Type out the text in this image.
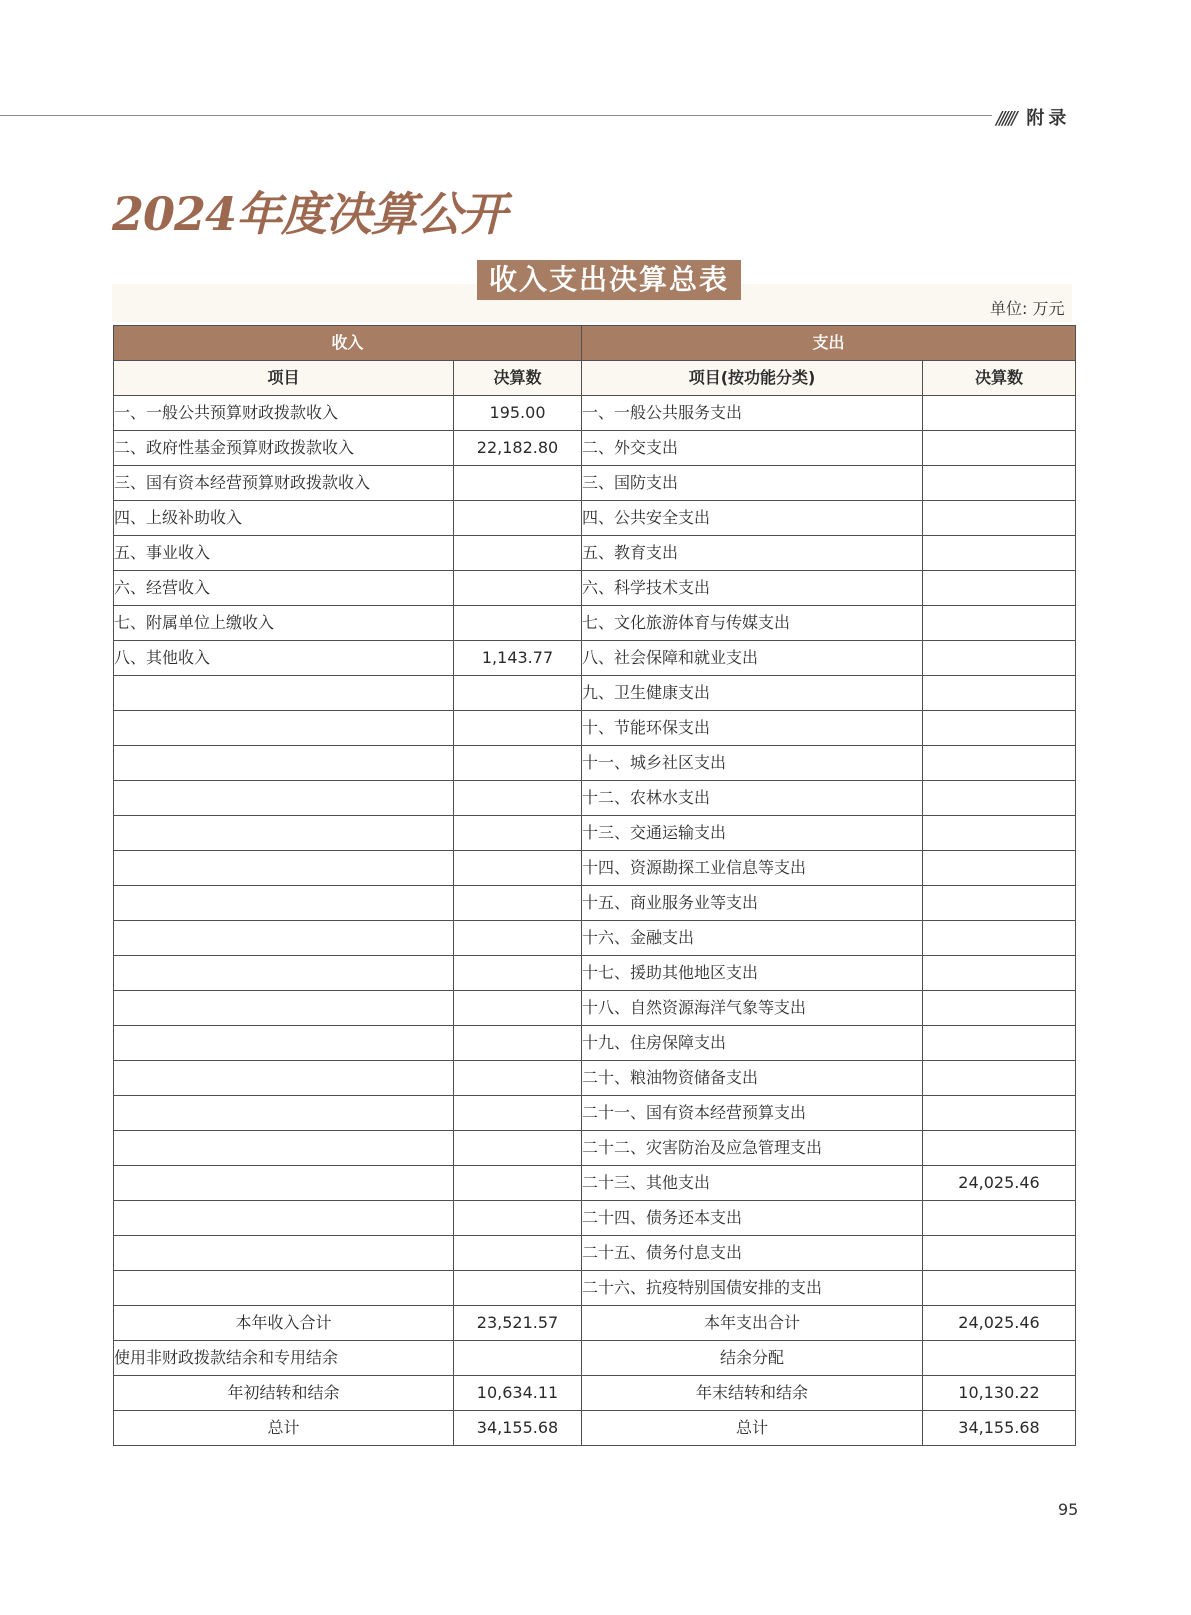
////// 附录
2024年度决算公开
收入支出决算总表
单位: 万元
收入		支出	
项目	决算数	项目(按功能分类)	决算数
一、一般公共预算财政拨款收入	195.00	一、一般公共服务支出	
二、政府性基金预算财政拨款收入	22,182.80	二、外交支出	
三、国有资本经营预算财政拨款收入		三、国防支出	
四、上级补助收入		四、公共安全支出	
五、事业收入		五、教育支出	
六、经营收入		六、科学技术支出	
七、附属单位上缴收入		七、文化旅游体育与传媒支出	
八、其他收入	1,143.77	八、社会保障和就业支出	
		九、卫生健康支出	
		十、节能环保支出	
		十一、城乡社区支出	
		十二、农林水支出	
		十三、交通运输支出	
		十四、资源勘探工业信息等支出	
		十五、商业服务业等支出	
		十六、金融支出	
		十七、援助其他地区支出	
		十八、自然资源海洋气象等支出	
		十九、住房保障支出	
		二十、粮油物资储备支出	
		二十一、国有资本经营预算支出	
		二十二、灾害防治及应急管理支出	
		二十三、其他支出	24,025.46
		二十四、债务还本支出	
		二十五、债务付息支出	
		二十六、抗疫特别国债安排的支出	
本年收入合计	23,521.57	本年支出合计	24,025.46
使用非财政拨款结余和专用结余		结余分配	
年初结转和结余	10,634.11	年末结转和结余	10,130.22
总计	34,155.68	总计	34,155.68
95
